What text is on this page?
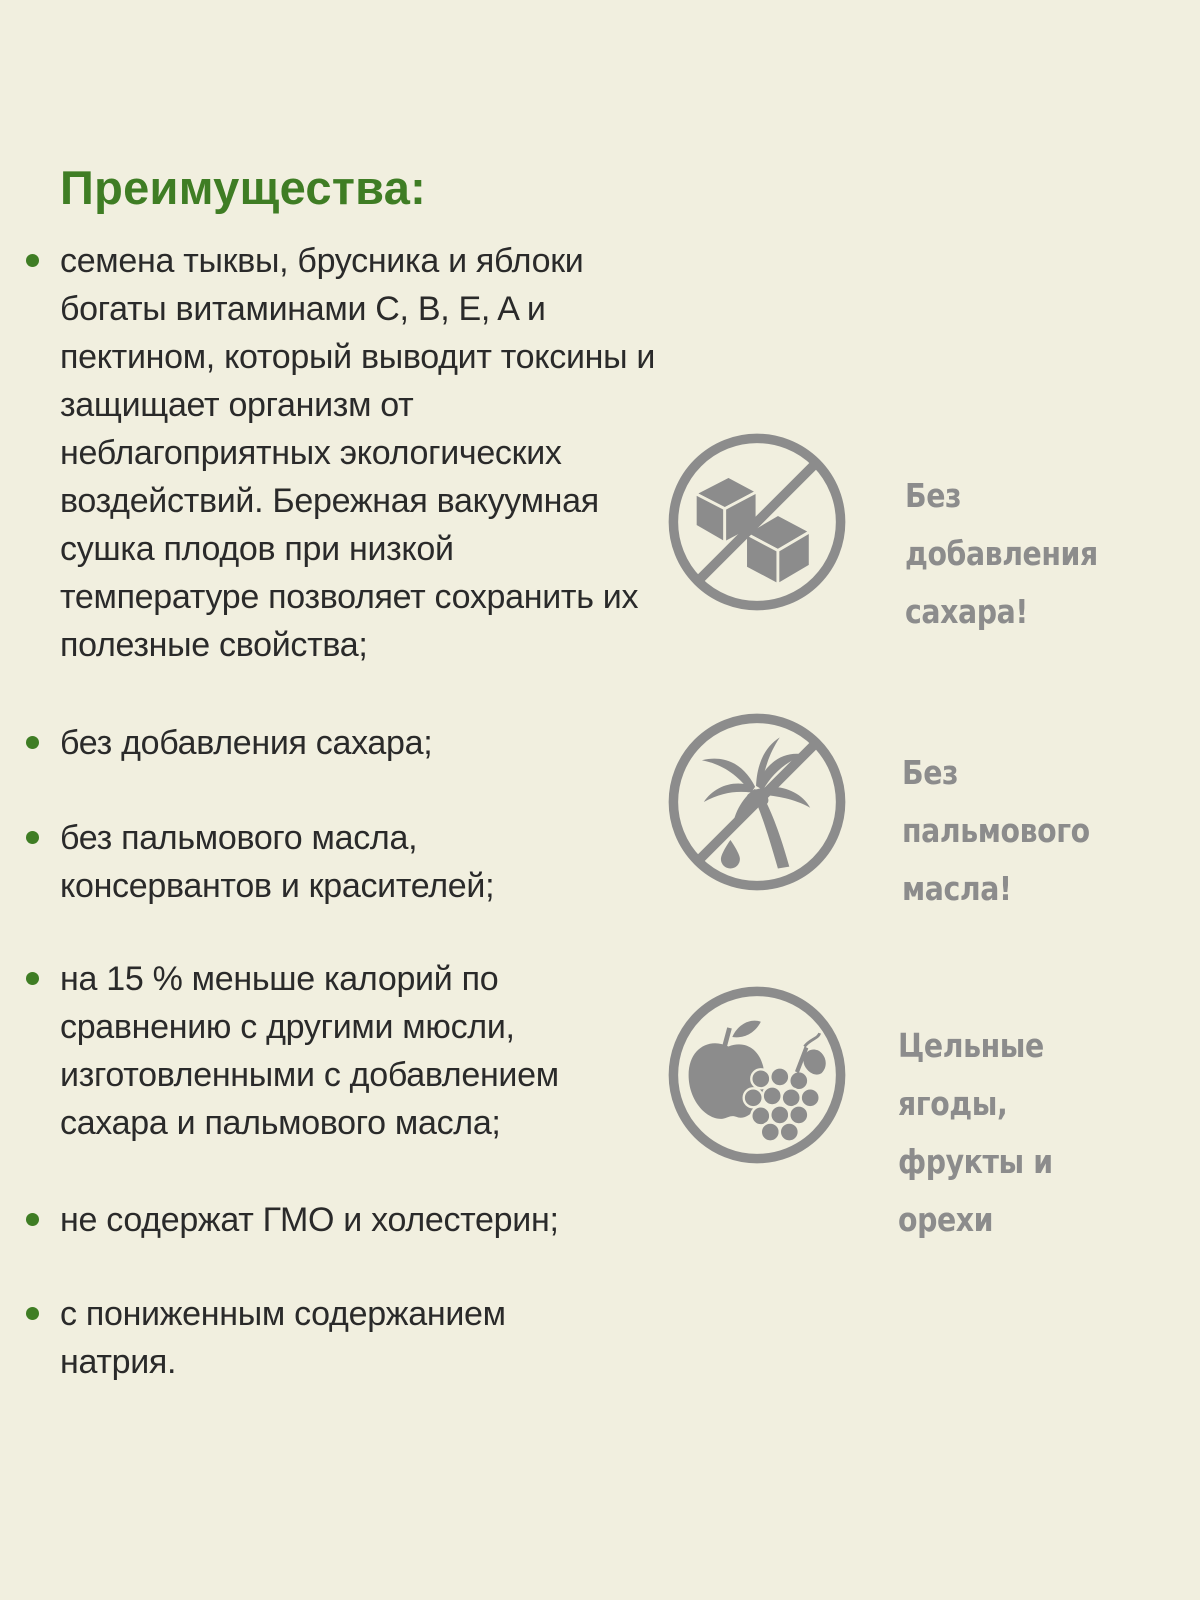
Преимущества:
семена тыквы, брусника и яблоки богаты витаминами C, B, E, A и пектином, который выводит токсины и защищает организм от неблагоприятных экологических воздействий. Бережная вакуумная сушка плодов при низкой температуре позволяет сохранить их полезные свойства;
без добавления сахара;
без пальмового масла, консервантов и красителей;
на 15 % меньше калорий по сравнению с другими мюсли, изготовленными с добавлением сахара и пальмового масла;
не содержат ГМО и холестерин;
с пониженным содержанием натрия.
Без добавления
сахара!
Без пальмового
масла!
Цельные ягоды,
фрукты и орехи
